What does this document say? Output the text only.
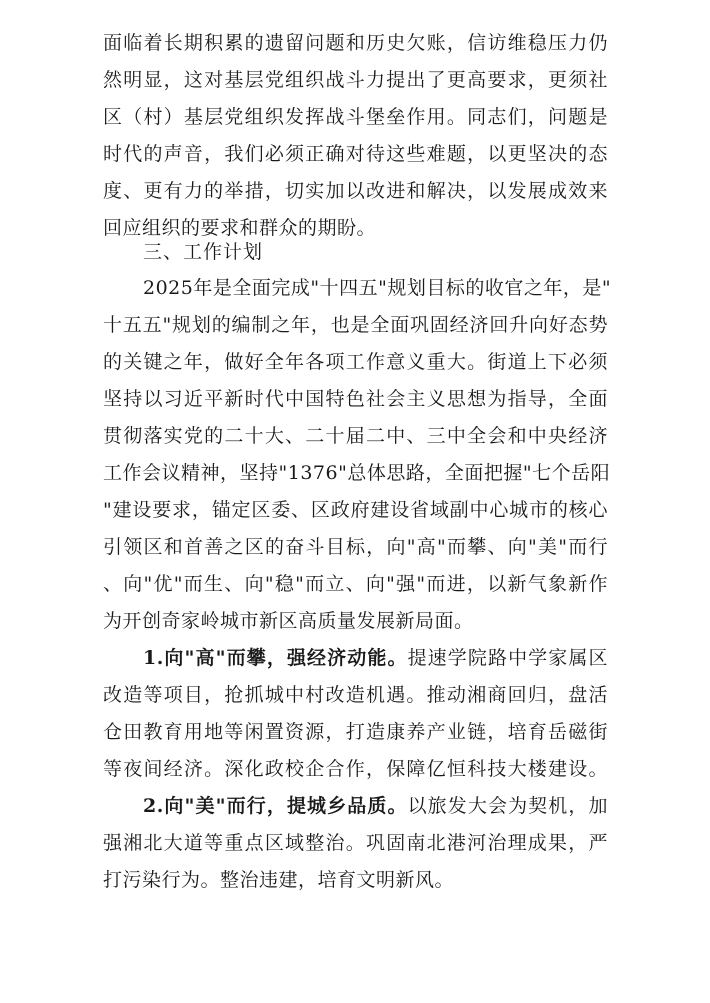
面临着长期积累的遗留问题和历史欠账，信访维稳压力仍
然明显，这对基层党组织战斗力提出了更高要求，更须社
区（村）基层党组织发挥战斗堡垒作用。同志们，问题是
时代的声音，我们必须正确对待这些难题，以更坚决的态
度、更有力的举措，切实加以改进和解决，以发展成效来
回应组织的要求和群众的期盼。
三、工作计划
2025年是全面完成"十四五"规划目标的收官之年，是"
十五五"规划的编制之年，也是全面巩固经济回升向好态势
的关键之年，做好全年各项工作意义重大。街道上下必须
坚持以习近平新时代中国特色社会主义思想为指导，全面
贯彻落实党的二十大、二十届二中、三中全会和中央经济
工作会议精神，坚持"1376"总体思路，全面把握"七个岳阳
"建设要求，锚定区委、区政府建设省域副中心城市的核心
引领区和首善之区的奋斗目标，向"高"而攀、向"美"而行
、向"优"而生、向"稳"而立、向"强"而进，以新气象新作
为开创奇家岭城市新区高质量发展新局面。
1.向"高"而攀，强经济动能。提速学院路中学家属区
改造等项目，抢抓城中村改造机遇。推动湘商回归，盘活
仓田教育用地等闲置资源，打造康养产业链，培育岳磁街
等夜间经济。深化政校企合作，保障亿恒科技大楼建设。
2.向"美"而行，提城乡品质。以旅发大会为契机，加
强湘北大道等重点区域整治。巩固南北港河治理成果，严
打污染行为。整治违建，培育文明新风。
